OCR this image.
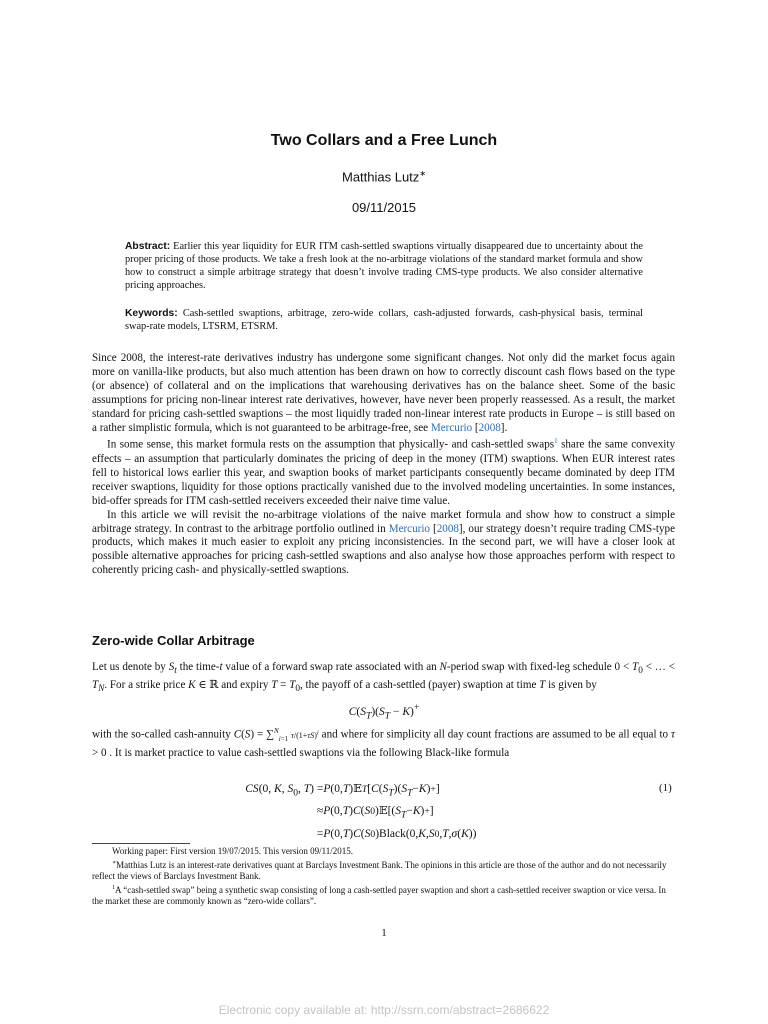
Two Collars and a Free Lunch
Matthias Lutz∗
09/11/2015
Abstract: Earlier this year liquidity for EUR ITM cash-settled swaptions virtually disappeared due to uncertainty about the proper pricing of those products. We take a fresh look at the no-arbitrage violations of the standard market formula and show how to construct a simple arbitrage strategy that doesn’t involve trading CMS-type products. We also consider alternative pricing approaches.
Keywords: Cash-settled swaptions, arbitrage, zero-wide collars, cash-adjusted forwards, cash-physical basis, terminal swap-rate models, LTSRM, ETSRM.

Since 2008, the interest-rate derivatives industry has undergone some significant changes. Not only did the market focus again more on vanilla-like products, but also much attention has been drawn on how to correctly discount cash flows based on the type (or absence) of collateral and on the implications that warehousing derivatives has on the balance sheet. Some of the basic assumptions for pricing non-linear interest rate derivatives, however, have never been properly reassessed. As a result, the market standard for pricing cash-settled swaptions – the most liquidly traded non-linear interest rate products in Europe – is still based on a rather simplistic formula, which is not guaranteed to be arbitrage-free, see Mercurio [2008].

In some sense, this market formula rests on the assumption that physically- and cash-settled swaps$^1$ share the same convexity effects – an assumption that particularly dominates the pricing of deep in the money (ITM) swaptions. When EUR interest rates fell to historical lows earlier this year, and swaption books of market participants consequently became dominated by deep ITM receiver swaptions, liquidity for those options practically vanished due to the involved modeling uncertainties. In some instances, bid-offer spreads for ITM cash-settled receivers exceeded their naive time value.

In this article we will revisit the no-arbitrage violations of the naive market formula and show how to construct a simple arbitrage strategy. In contrast to the arbitrage portfolio outlined in Mercurio [2008], our strategy doesn’t require trading CMS-type products, which makes it much easier to exploit any pricing inconsistencies. In the second part, we will have a closer look at possible alternative approaches for pricing cash-settled swaptions and also analyse how those approaches perform with respect to coherently pricing cash- and physically-settled swaptions.

Zero-wide Collar Arbitrage

Let us denote by $S_t$ the time-t value of a forward swap rate associated with an N-period swap with fixed-leg schedule $0 < T_0$ < … < $T_N$. For a strike price K ∈ ℝ and expiry $T = T_0$, the payoff of a cash-settled (payer) swaption at time T is given by

with the so-called cash-annuity C(S) = ∑$^N_{i=1}$ $\tau/(1+\tau S)^i$ and where for simplicity all day count fractions are assumed to be all equal to τ > 0 . It is market practice to value cash-settled swaptions via the following Black-like formula

$C(S_T)(S_T - K)^+$
CS(0, K, $S_0$, T) = P (0, T )𝔼 T [ C ( $S_T$ )( $S_T - K$ ) + ]
≈ P (0, T ) C ( S 0 )𝔼[( $S_T - K$ ) + ]
= P (0, T ) C ( S 0 )Black(0, K , S 0 , T , σ ( K ))
(1)

Working paper: First version 19/07/2015. This version 09/11/2015.

∗Matthias Lutz is an interest-rate derivatives quant at Barclays Investment Bank. The opinions in this article are those of the author and do not necessarily reflect the views of Barclays Investment Bank.

$^1$A “cash-settled swap” being a synthetic swap consisting of long a cash-settled payer swaption and short a cash-settled receiver swaption or vice versa. In the market these are commonly known as “zero-wide collars”.

1
Electronic copy available at: http://ssrn.com/abstract=2686622
